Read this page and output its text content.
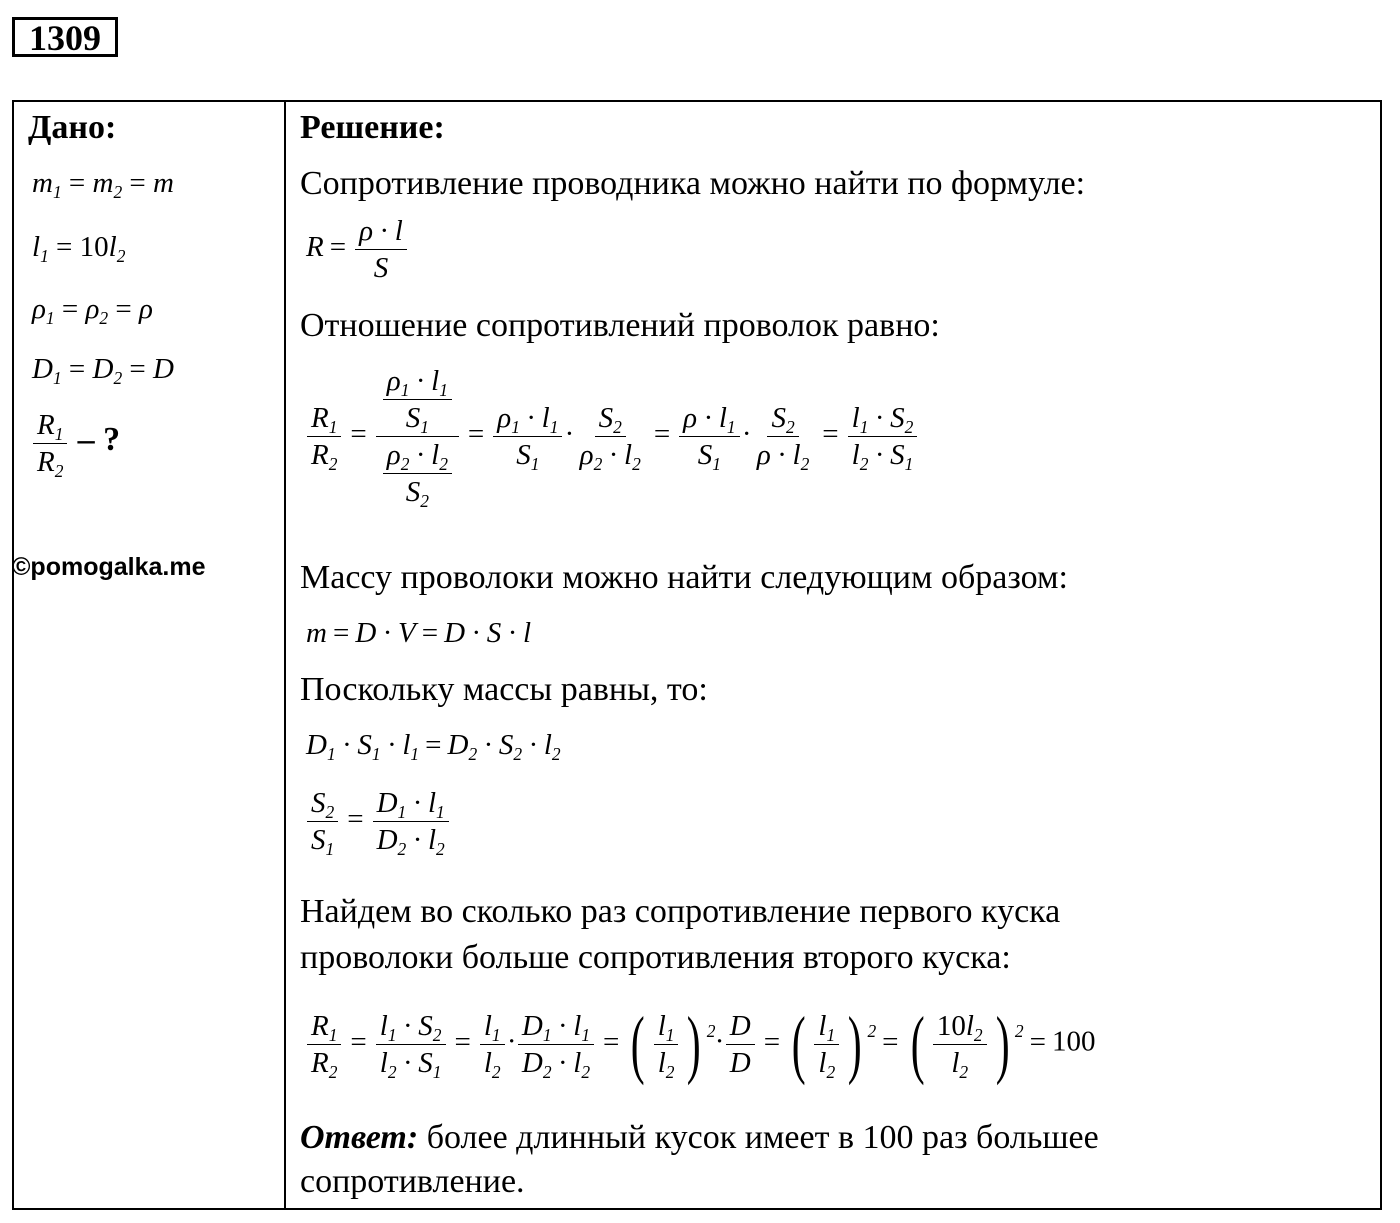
1309
Дано:
$m_1 = m_2 = m$
$l_1 = 10l_2$
$\rho_1 = \rho_2 = \rho$
$D_1 = D_2 = D$
$\frac{R_1}{R_2}$ – ?
©pomogalka.me
Решение:
Сопротивление проводника можно найти по формуле:
$R = \frac{\rho \cdot l}{S}$
Отношение сопротивлений проволок равно:
$\frac{R_1}{R_2} = \frac{\frac{\rho_1 \cdot l_1}{S_1}}{\frac{\rho_2 \cdot l_2}{S_2}} = \frac{\rho_1 \cdot l_1}{S_1} \cdot \frac{S_2}{\rho_2 \cdot l_2} = \frac{\rho \cdot l_1}{S_1} \cdot \frac{S_2}{\rho \cdot l_2} = \frac{l_1 \cdot S_2}{l_2 \cdot S_1}$
Массу проволоки можно найти следующим образом:
m = D · V = D · S · l
Поскольку массы равны, то:
$D_1 \cdot S_1 \cdot l_1 = D_2 \cdot S_2 \cdot l_2$
$\frac{S_2}{S_1} = \frac{D_1 \cdot l_1}{D_2 \cdot l_2}$
Найдем во сколько раз сопротивление первого куска
проволоки больше сопротивления второго куска:
$\frac{R_1}{R_2} = \frac{l_1 \cdot S_2}{l_2 \cdot S_1} = \frac{l_1}{l_2} \cdot \frac{D_1 \cdot l_1}{D_2 \cdot l_2}$ = ( $\frac{l_1}{l_2}$ ) $^2\cdot \frac{D}{D}$ = ( $\frac{l_1}{l_2}$ ) $^2$ = ( $\frac{10l_2}{l_2}$ ) $^2$ = 100
Ответ: более длинный кусок имеет в 100 раз большее
сопротивление.
